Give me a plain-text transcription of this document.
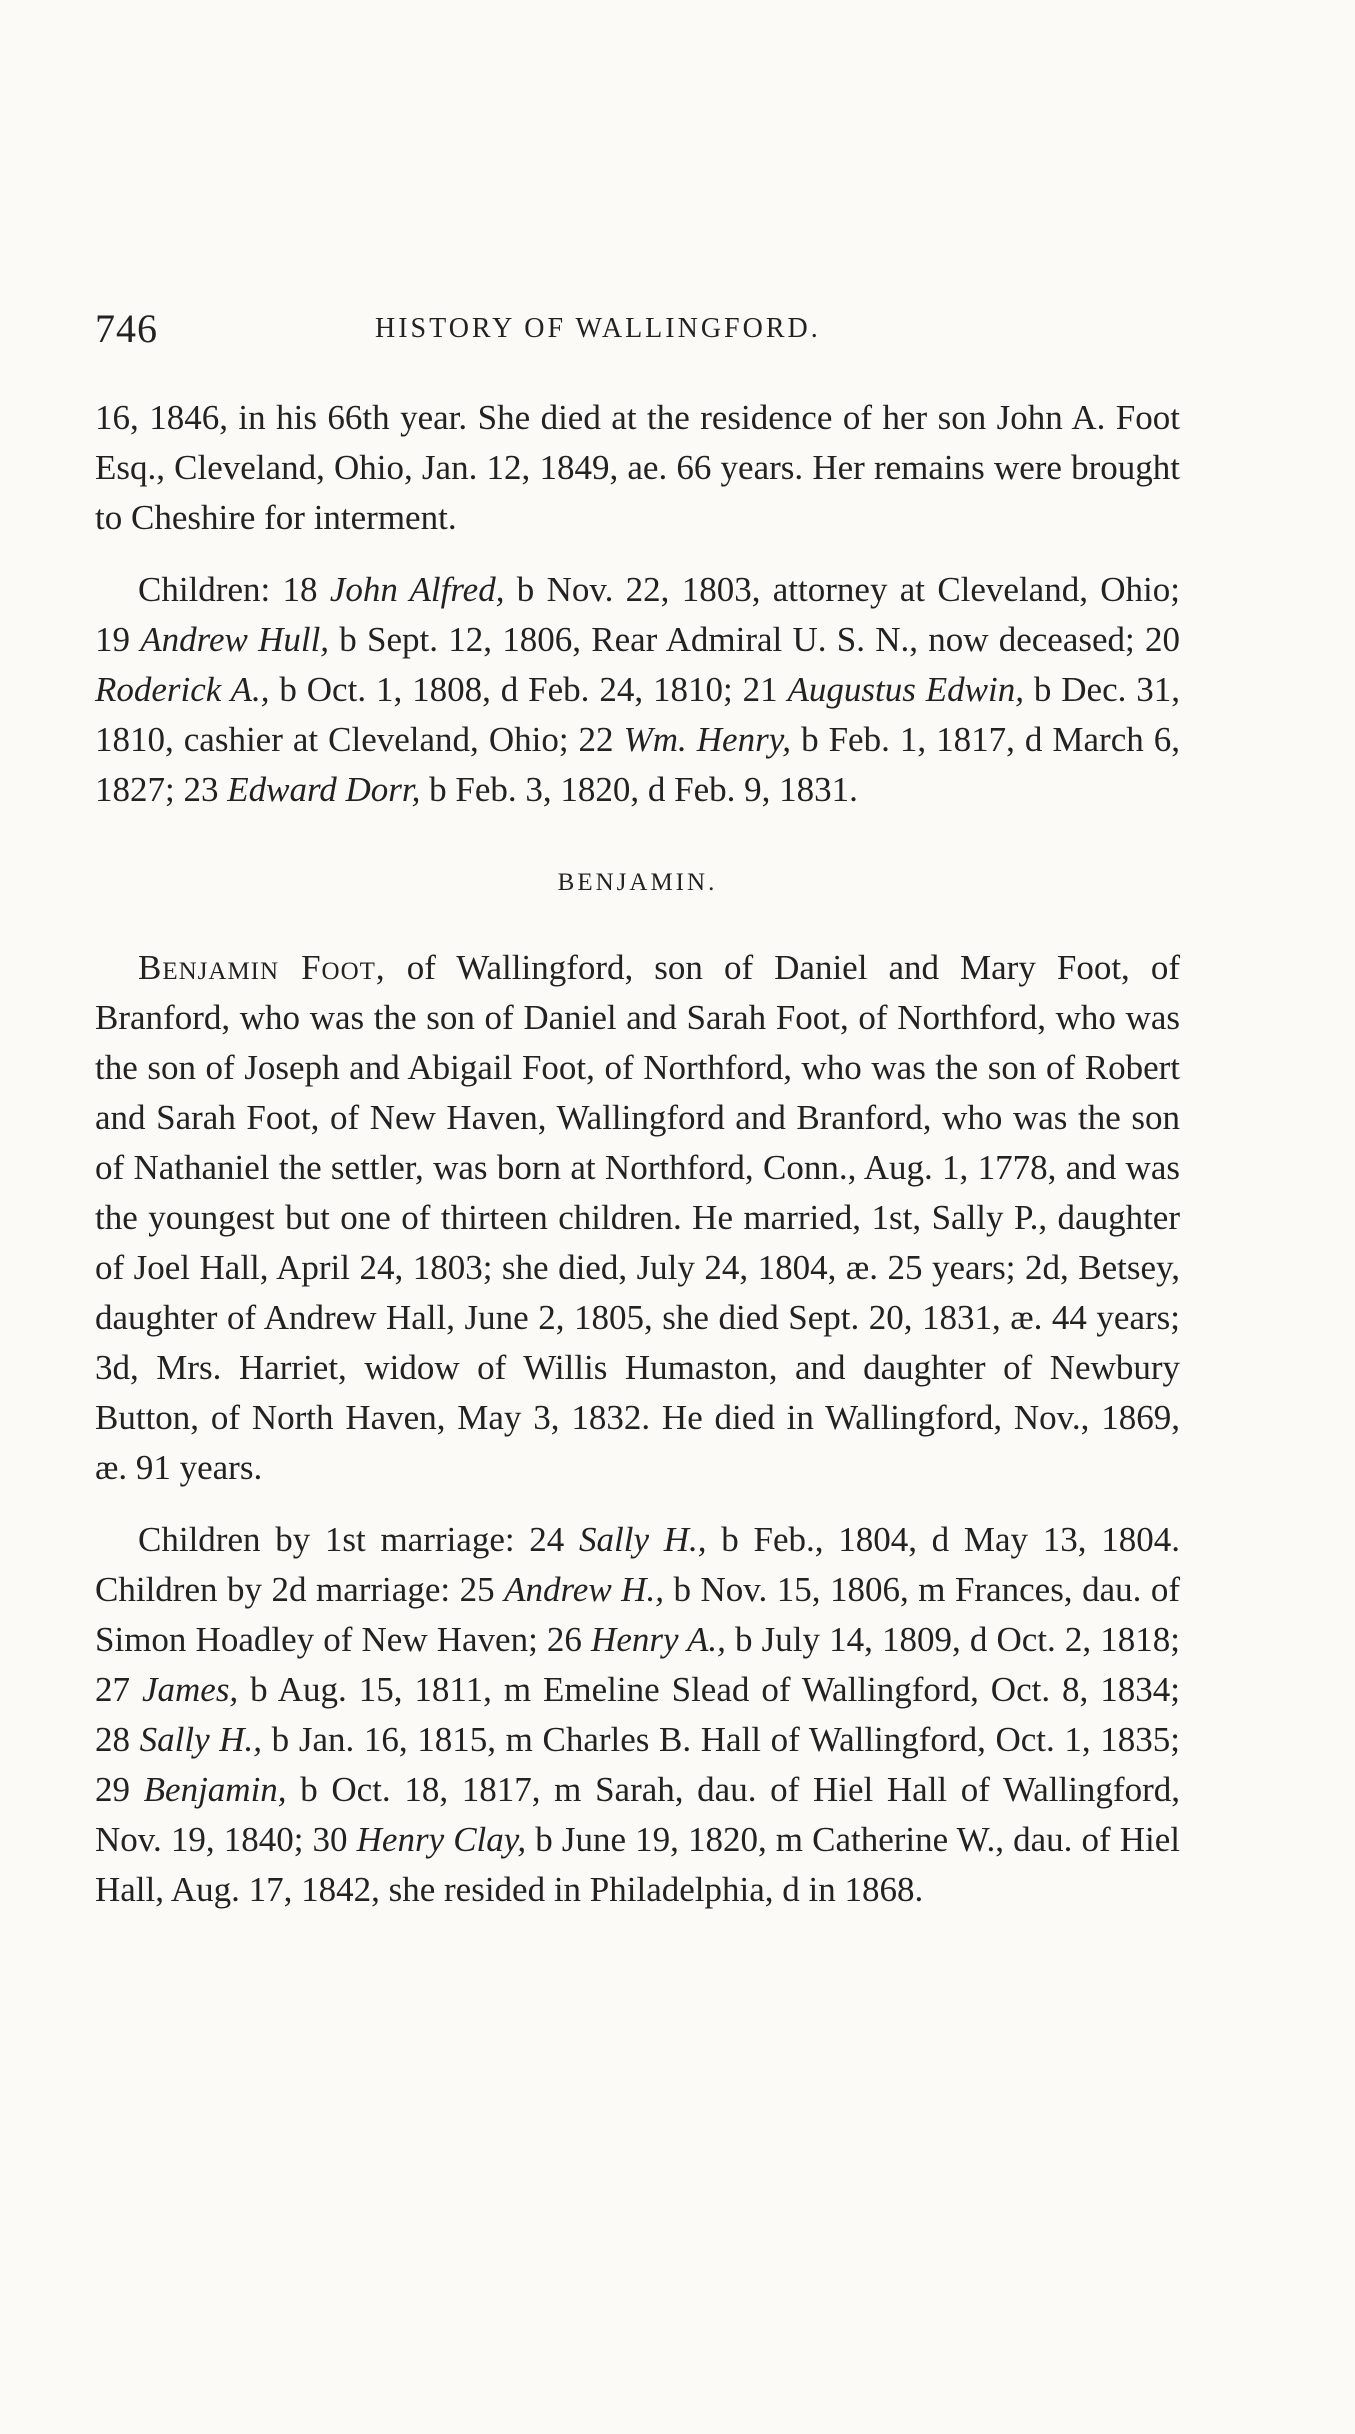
746	HISTORY OF WALLINGFORD.

16, 1846, in his 66th year. She died at the residence of her son John A. Foot Esq., Cleveland, Ohio, Jan. 12, 1849, ae. 66 years. Her remains were brought to Cheshire for interment.

Children: 18 John Alfred, b Nov. 22, 1803, attorney at Cleveland, Ohio; 19 Andrew Hull, b Sept. 12, 1806, Rear Admiral U. S. N., now deceased; 20 Roderick A., b Oct. 1, 1808, d Feb. 24, 1810; 21 Augustus Edwin, b Dec. 31, 1810, cashier at Cleveland, Ohio; 22 Wm. Henry, b Feb. 1, 1817, d March 6, 1827; 23 Edward Dorr, b Feb. 3, 1820, d Feb. 9, 1831.

BENJAMIN.

Benjamin Foot, of Wallingford, son of Daniel and Mary Foot, of Branford, who was the son of Daniel and Sarah Foot, of Northford, who was the son of Joseph and Abigail Foot, of Northford, who was the son of Robert and Sarah Foot, of New Haven, Wallingford and Branford, who was the son of Nathaniel the settler, was born at Northford, Conn., Aug. 1, 1778, and was the youngest but one of thirteen children. He married, 1st, Sally P., daughter of Joel Hall, April 24, 1803; she died, July 24, 1804, æ. 25 years; 2d, Betsey, daughter of Andrew Hall, June 2, 1805, she died Sept. 20, 1831, æ. 44 years; 3d, Mrs. Harriet, widow of Willis Humaston, and daughter of Newbury Button, of North Haven, May 3, 1832. He died in Wallingford, Nov., 1869, æ. 91 years.

Children by 1st marriage: 24 Sally H., b Feb., 1804, d May 13, 1804. Children by 2d marriage: 25 Andrew H., b Nov. 15, 1806, m Frances, dau. of Simon Hoadley of New Haven; 26 Henry A., b July 14, 1809, d Oct. 2, 1818; 27 James, b Aug. 15, 1811, m Emeline Slead of Wallingford, Oct. 8, 1834; 28 Sally H., b Jan. 16, 1815, m Charles B. Hall of Wallingford, Oct. 1, 1835; 29 Benjamin, b Oct. 18, 1817, m Sarah, dau. of Hiel Hall of Wallingford, Nov. 19, 1840; 30 Henry Clay, b June 19, 1820, m Catherine W., dau. of Hiel Hall, Aug. 17, 1842, she resided in Philadelphia, d in 1868.
